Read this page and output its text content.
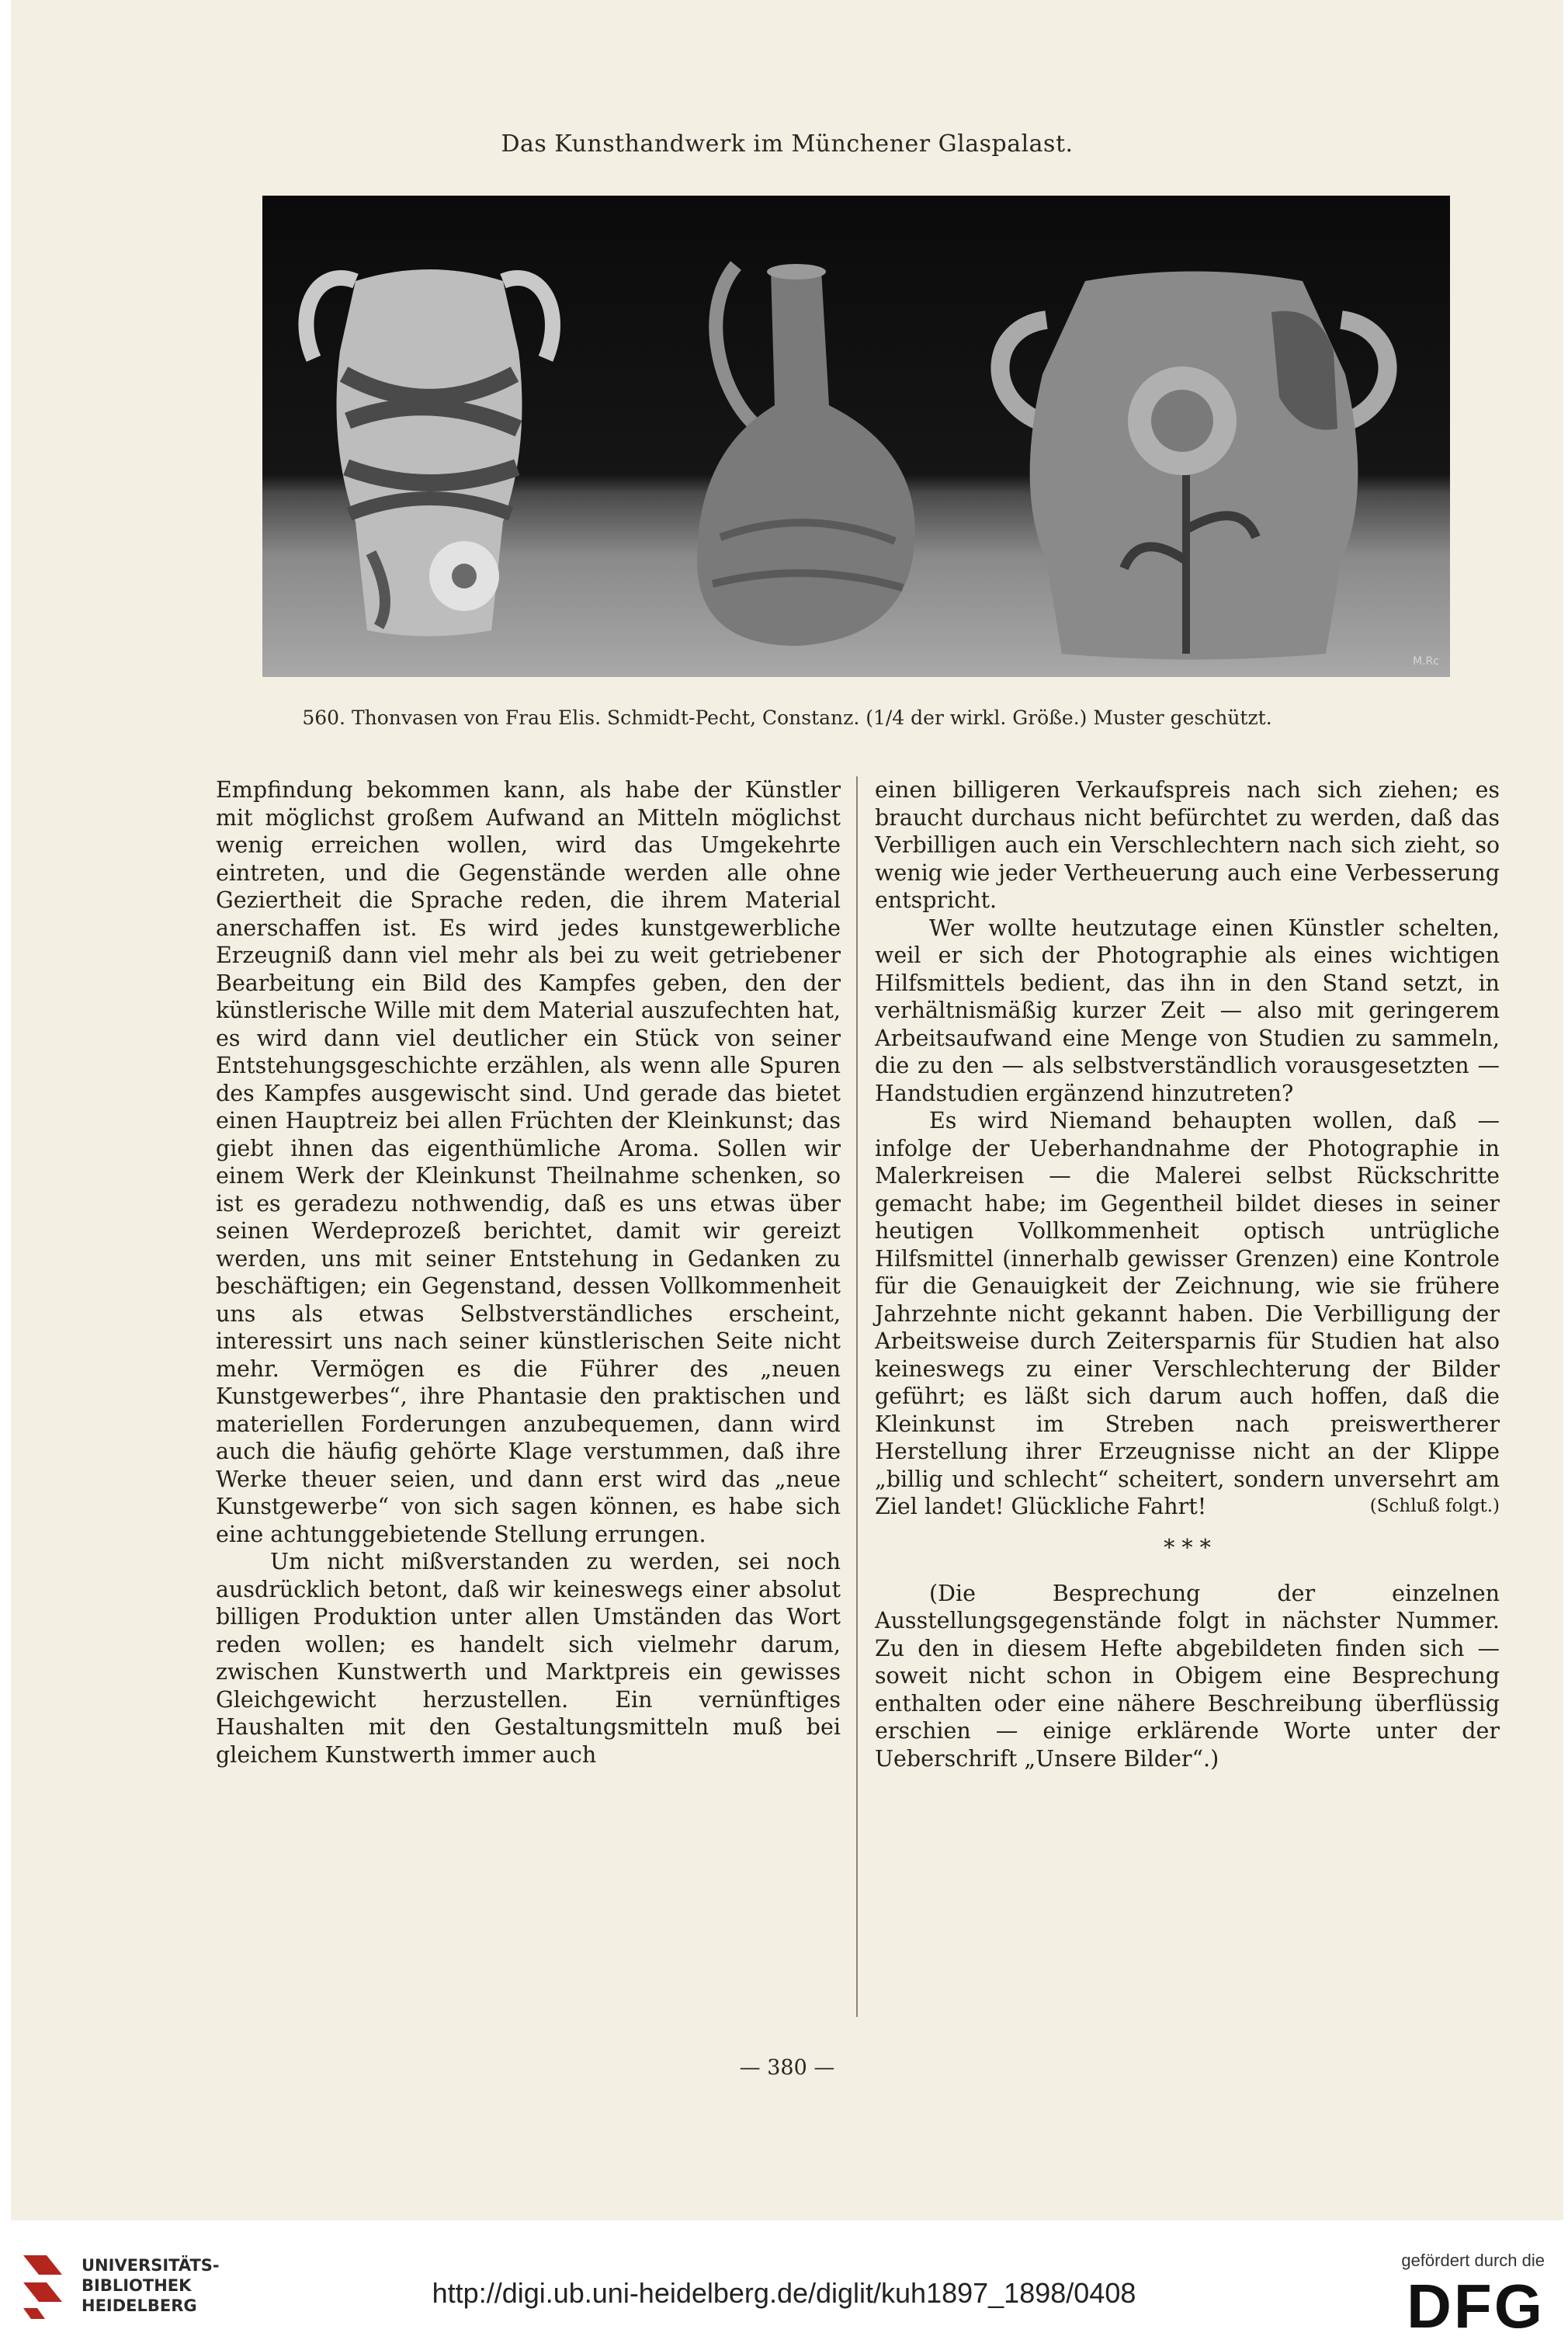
Das Kunsthandwerk im Münchener Glaspalast.
M.Rc
560. Thonvasen von Frau Elis. Schmidt-Pecht, Constanz. (1/4 der wirkl. Größe.) Muster geschützt.

Empfindung bekommen kann, als habe der Künstler mit möglichst großem Aufwand an Mitteln möglichst wenig erreichen wollen, wird das Umgekehrte eintreten, und die Gegenstände werden alle ohne Geziertheit die Sprache reden, die ihrem Material anerschaffen ist. Es wird jedes kunstgewerbliche Erzeugniß dann viel mehr als bei zu weit getriebener Bearbeitung ein Bild des Kampfes geben, den der künstlerische Wille mit dem Material auszufechten hat, es wird dann viel deutlicher ein Stück von seiner Entstehungsgeschichte erzählen, als wenn alle Spuren des Kampfes ausgewischt sind. Und gerade das bietet einen Hauptreiz bei allen Früchten der Kleinkunst; das giebt ihnen das eigenthümliche Aroma. Sollen wir einem Werk der Kleinkunst Theilnahme schenken, so ist es geradezu nothwendig, daß es uns etwas über seinen Werdeprozeß berichtet, damit wir gereizt werden, uns mit seiner Entstehung in Gedanken zu beschäftigen; ein Gegenstand, dessen Vollkommenheit uns als etwas Selbstverständliches erscheint, interessirt uns nach seiner künstlerischen Seite nicht mehr. Vermögen es die Führer des „neuen Kunstgewerbes“, ihre Phantasie den praktischen und materiellen Forderungen anzubequemen, dann wird auch die häufig gehörte Klage verstummen, daß ihre Werke theuer seien, und dann erst wird das „neue Kunstgewerbe“ von sich sagen können, es habe sich eine achtunggebietende Stellung errungen.

Um nicht mißverstanden zu werden, sei noch ausdrücklich betont, daß wir keineswegs einer absolut billigen Produktion unter allen Umständen das Wort reden wollen; es handelt sich vielmehr darum, zwischen Kunstwerth und Marktpreis ein gewisses Gleichgewicht herzustellen. Ein vernünftiges Haushalten mit den Gestaltungsmitteln muß bei gleichem Kunstwerth immer auch

einen billigeren Verkaufspreis nach sich ziehen; es braucht durchaus nicht befürchtet zu werden, daß das Verbilligen auch ein Verschlechtern nach sich zieht, so wenig wie jeder Vertheuerung auch eine Verbesserung entspricht.

Wer wollte heutzutage einen Künstler schelten, weil er sich der Photographie als eines wichtigen Hilfsmittels bedient, das ihn in den Stand setzt, in verhältnismäßig kurzer Zeit — also mit geringerem Arbeitsaufwand eine Menge von Studien zu sammeln, die zu den — als selbstverständlich vorausgesetzten — Handstudien ergänzend hinzutreten?

Es wird Niemand behaupten wollen, daß — infolge der Ueberhandnahme der Photographie in Malerkreisen — die Malerei selbst Rückschritte gemacht habe; im Gegentheil bildet dieses in seiner heutigen Vollkommenheit optisch untrügliche Hilfsmittel (innerhalb gewisser Grenzen) eine Kontrole für die Genauigkeit der Zeichnung, wie sie frühere Jahrzehnte nicht gekannt haben. Die Verbilligung der Arbeitsweise durch Zeitersparnis für Studien hat also keineswegs zu einer Verschlechterung der Bilder geführt; es läßt sich darum auch hoffen, daß die Kleinkunst im Streben nach preiswertherer Herstellung ihrer Erzeugnisse nicht an der Klippe „billig und schlecht“ scheitert, sondern unversehrt am Ziel landet! Glückliche Fahrt!	(Schluß folgt.)

* * *

(Die Besprechung der einzelnen Ausstellungsgegenstände folgt in nächster Nummer. Zu den in diesem Hefte abgebildeten finden sich — soweit nicht schon in Obigem eine Besprechung enthalten oder eine nähere Beschreibung überflüssig erschien — einige erklärende Worte unter der Ueberschrift „Unsere Bilder“.)

— 380 —
UNIVERSITÄTS-
BIBLIOTHEK
HEIDELBERG	http://digi.ub.uni-heidelberg.de/diglit/kuh1897_1898/0408
gefördert durch die
DFG
